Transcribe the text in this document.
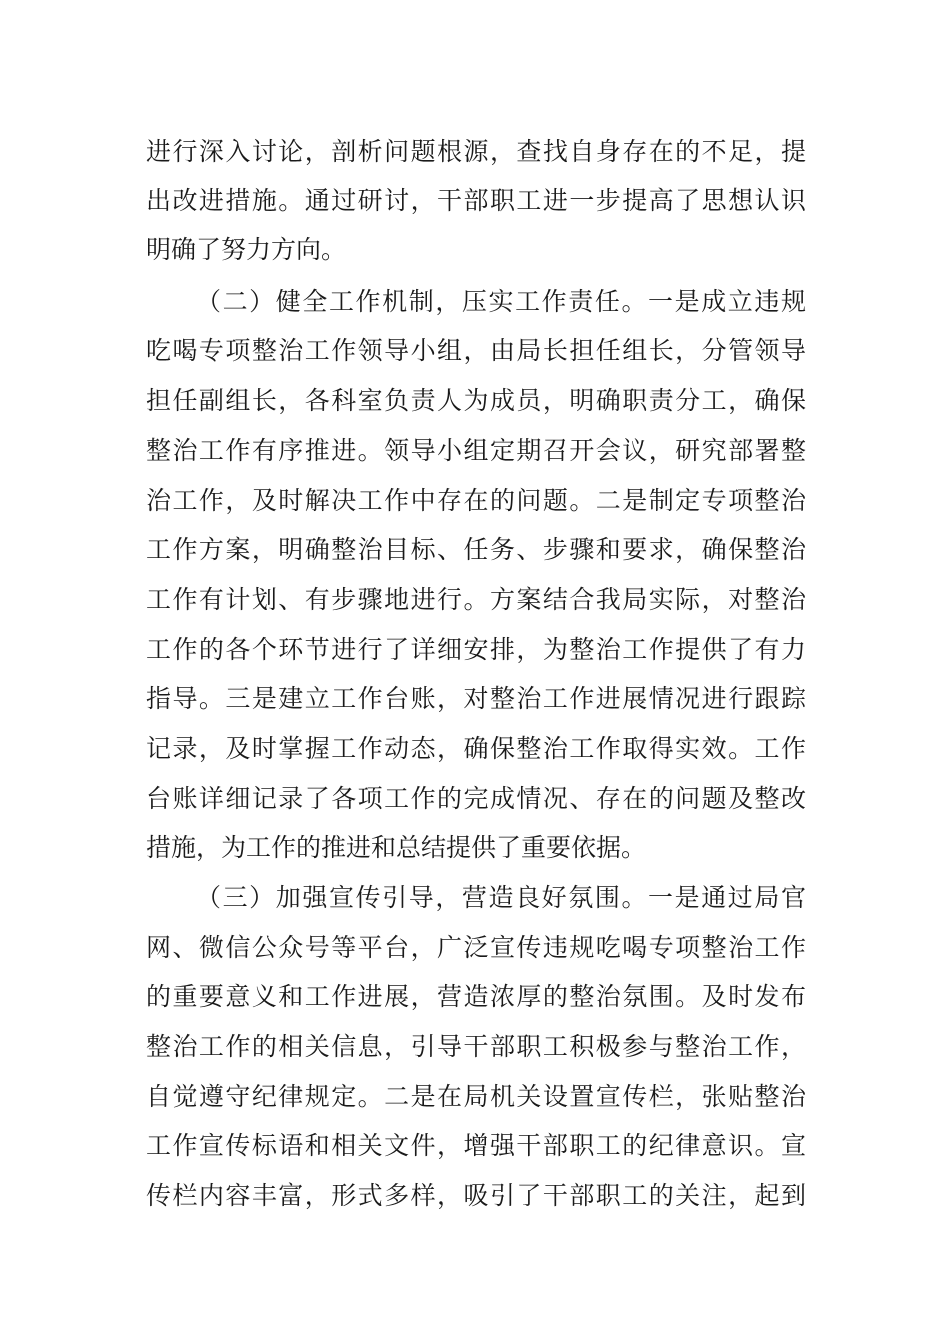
进行深入讨论，剖析问题根源，查找自身存在的不足，提
出改进措施。通过研讨，干部职工进一步提高了思想认识
明确了努力方向。
（二）健全工作机制，压实工作责任。一是成立违规
吃喝专项整治工作领导小组，由局长担任组长，分管领导
担任副组长，各科室负责人为成员，明确职责分工，确保
整治工作有序推进。领导小组定期召开会议，研究部署整
治工作，及时解决工作中存在的问题。二是制定专项整治
工作方案，明确整治目标、任务、步骤和要求，确保整治
工作有计划、有步骤地进行。方案结合我局实际，对整治
工作的各个环节进行了详细安排，为整治工作提供了有力
指导。三是建立工作台账，对整治工作进展情况进行跟踪
记录，及时掌握工作动态，确保整治工作取得实效。工作
台账详细记录了各项工作的完成情况、存在的问题及整改
措施，为工作的推进和总结提供了重要依据。
（三）加强宣传引导，营造良好氛围。一是通过局官
网、微信公众号等平台，广泛宣传违规吃喝专项整治工作
的重要意义和工作进展，营造浓厚的整治氛围。及时发布
整治工作的相关信息，引导干部职工积极参与整治工作，
自觉遵守纪律规定。二是在局机关设置宣传栏，张贴整治
工作宣传标语和相关文件，增强干部职工的纪律意识。宣
传栏内容丰富，形式多样，吸引了干部职工的关注，起到
